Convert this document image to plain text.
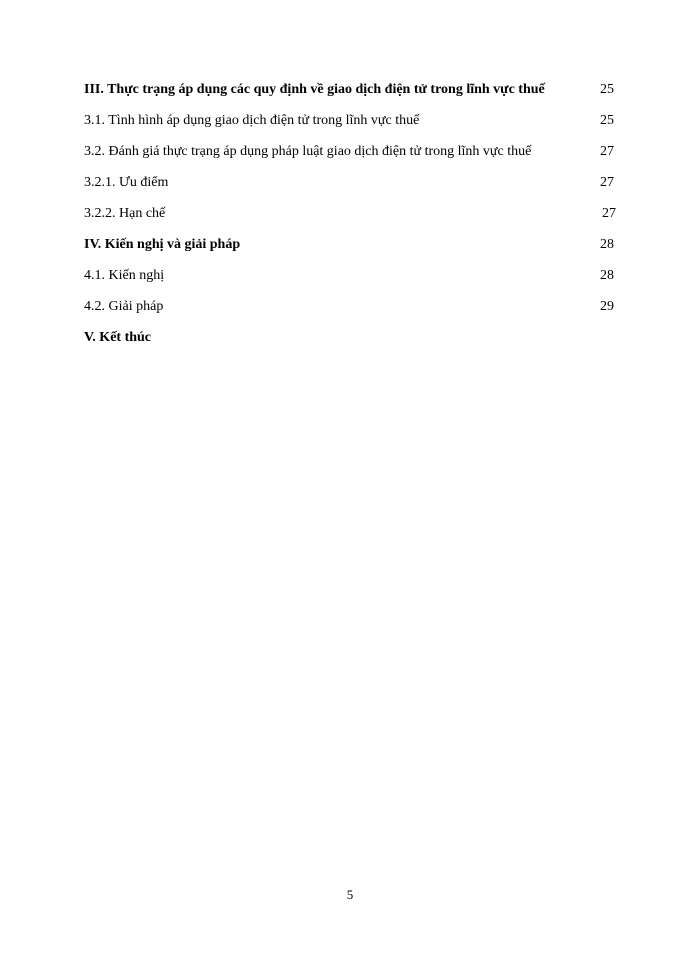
III. Thực trạng áp dụng các quy định về giao dịch điện tử trong lĩnh vực thuế	25
3.1. Tình hình áp dụng giao dịch điện tử trong lĩnh vực thuế	25
3.2. Đánh giá thực trạng áp dụng pháp luật giao dịch điện tử trong lĩnh vực thuế	27
3.2.1. Ưu điểm	27
3.2.2. Hạn chế	27
IV. Kiến nghị và giải pháp	28
4.1. Kiến nghị	28
4.2. Giải pháp	29
V. Kết thúc
5
